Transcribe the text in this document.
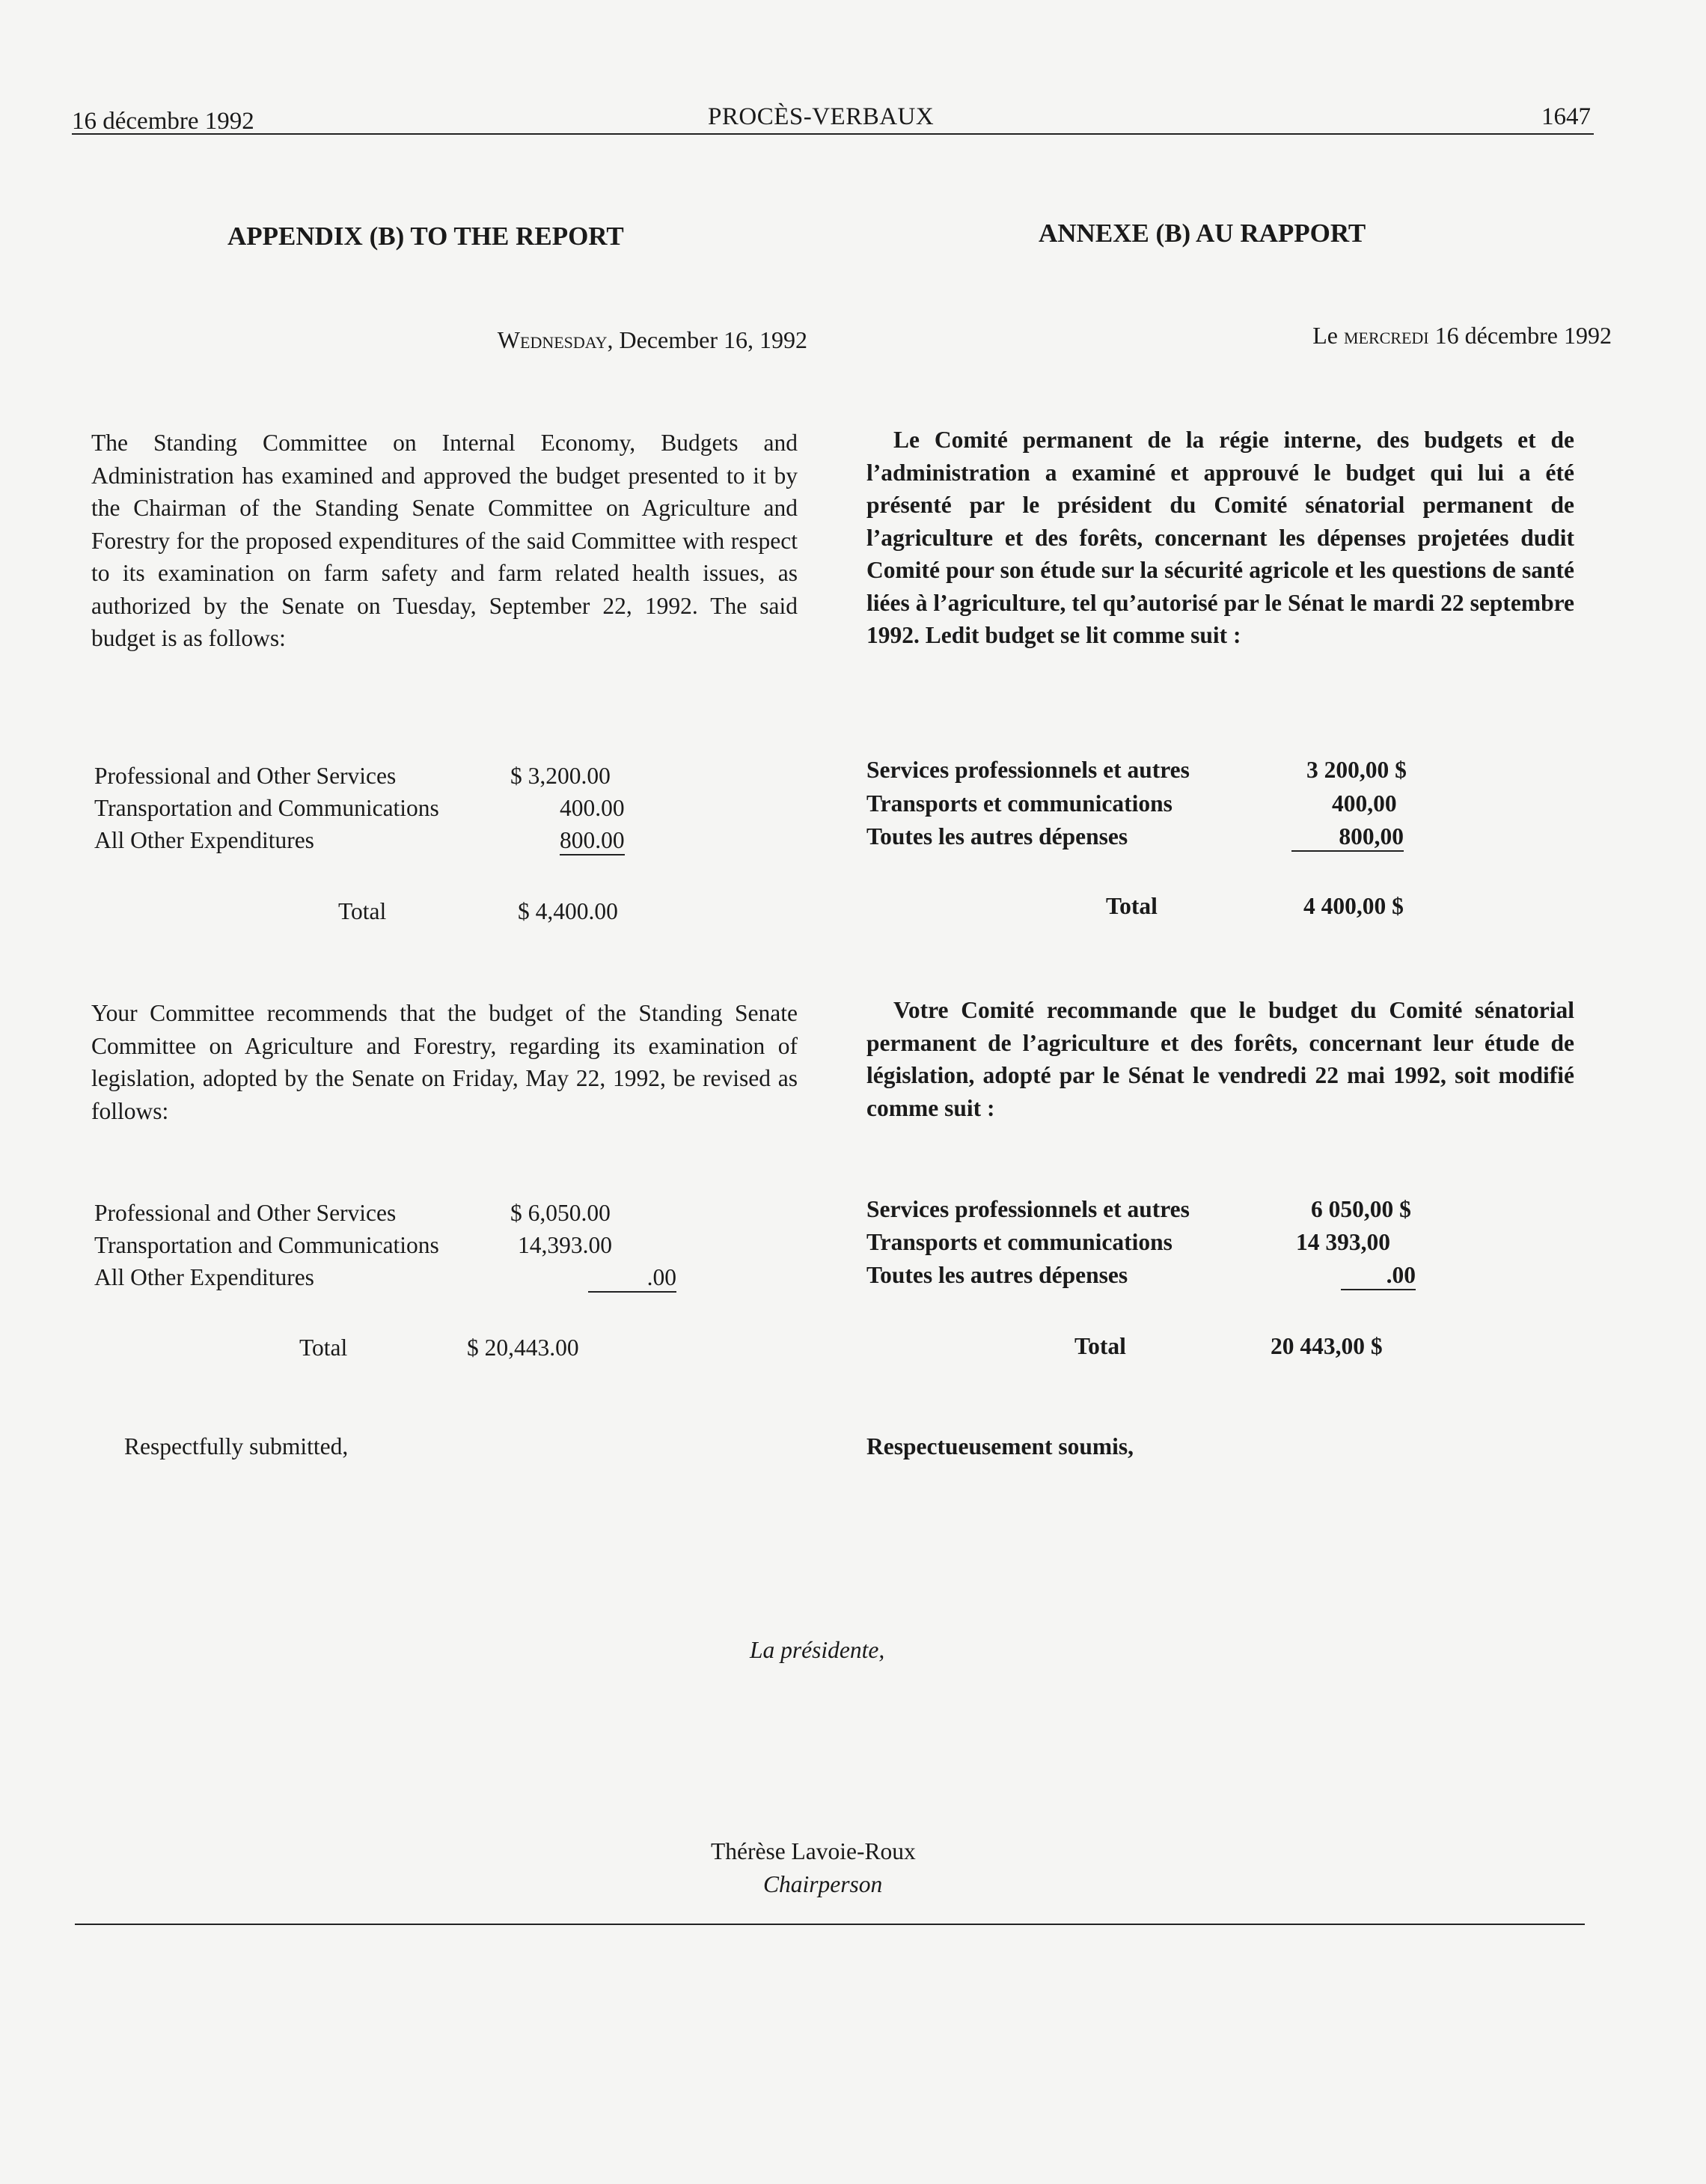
16 décembre 1992	PROCÈS-VERBAUX	1647
APPENDIX (B) TO THE REPORT
Wednesday, December 16, 1992
The Standing Committee on Internal Economy, Budgets and Administration has examined and approved the budget presented to it by the Chairman of the Standing Senate Committee on Agriculture and Forestry for the proposed expenditures of the said Committee with respect to its examination on farm safety and farm related health issues, as authorized by the Senate on Tuesday, September 22, 1992. The said budget is as follows:
Professional and Other Services	$ 3,200.00
Transportation and Communications	400.00
All Other Expenditures	800.00
Total	$ 4,400.00
Your Committee recommends that the budget of the Standing Senate Committee on Agriculture and Forestry, regarding its examination of legislation, adopted by the Senate on Friday, May 22, 1992, be revised as follows:
Professional and Other Services	$ 6,050.00
Transportation and Communications	14,393.00
All Other Expenditures	.00
Total	$ 20,443.00
Respectfully submitted,
ANNEXE (B) AU RAPPORT
Le mercredi 16 décembre 1992
Le Comité permanent de la régie interne, des budgets et de l’administration a examiné et approuvé le budget qui lui a été présenté par le président du Comité sénatorial permanent de l’agriculture et des forêts, concernant les dépenses projetées dudit Comité pour son étude sur la sécurité agricole et les questions de santé liées à l’agriculture, tel qu’autorisé par le Sénat le mardi 22 septembre 1992. Ledit budget se lit comme suit :
Services professionnels et autres	3 200,00 $
Transports et communications	400,00
Toutes les autres dépenses	800,00
Total	4 400,00 $
Votre Comité recommande que le budget du Comité sénatorial permanent de l’agriculture et des forêts, concernant leur étude de législation, adopté par le Sénat le vendredi 22 mai 1992, soit modifié comme suit :
Services professionnels et autres	6 050,00 $
Transports et communications	14 393,00
Toutes les autres dépenses	.00
Total	20 443,00 $
Respectueusement soumis,
La présidente,
Thérèse Lavoie-Roux
Chairperson
